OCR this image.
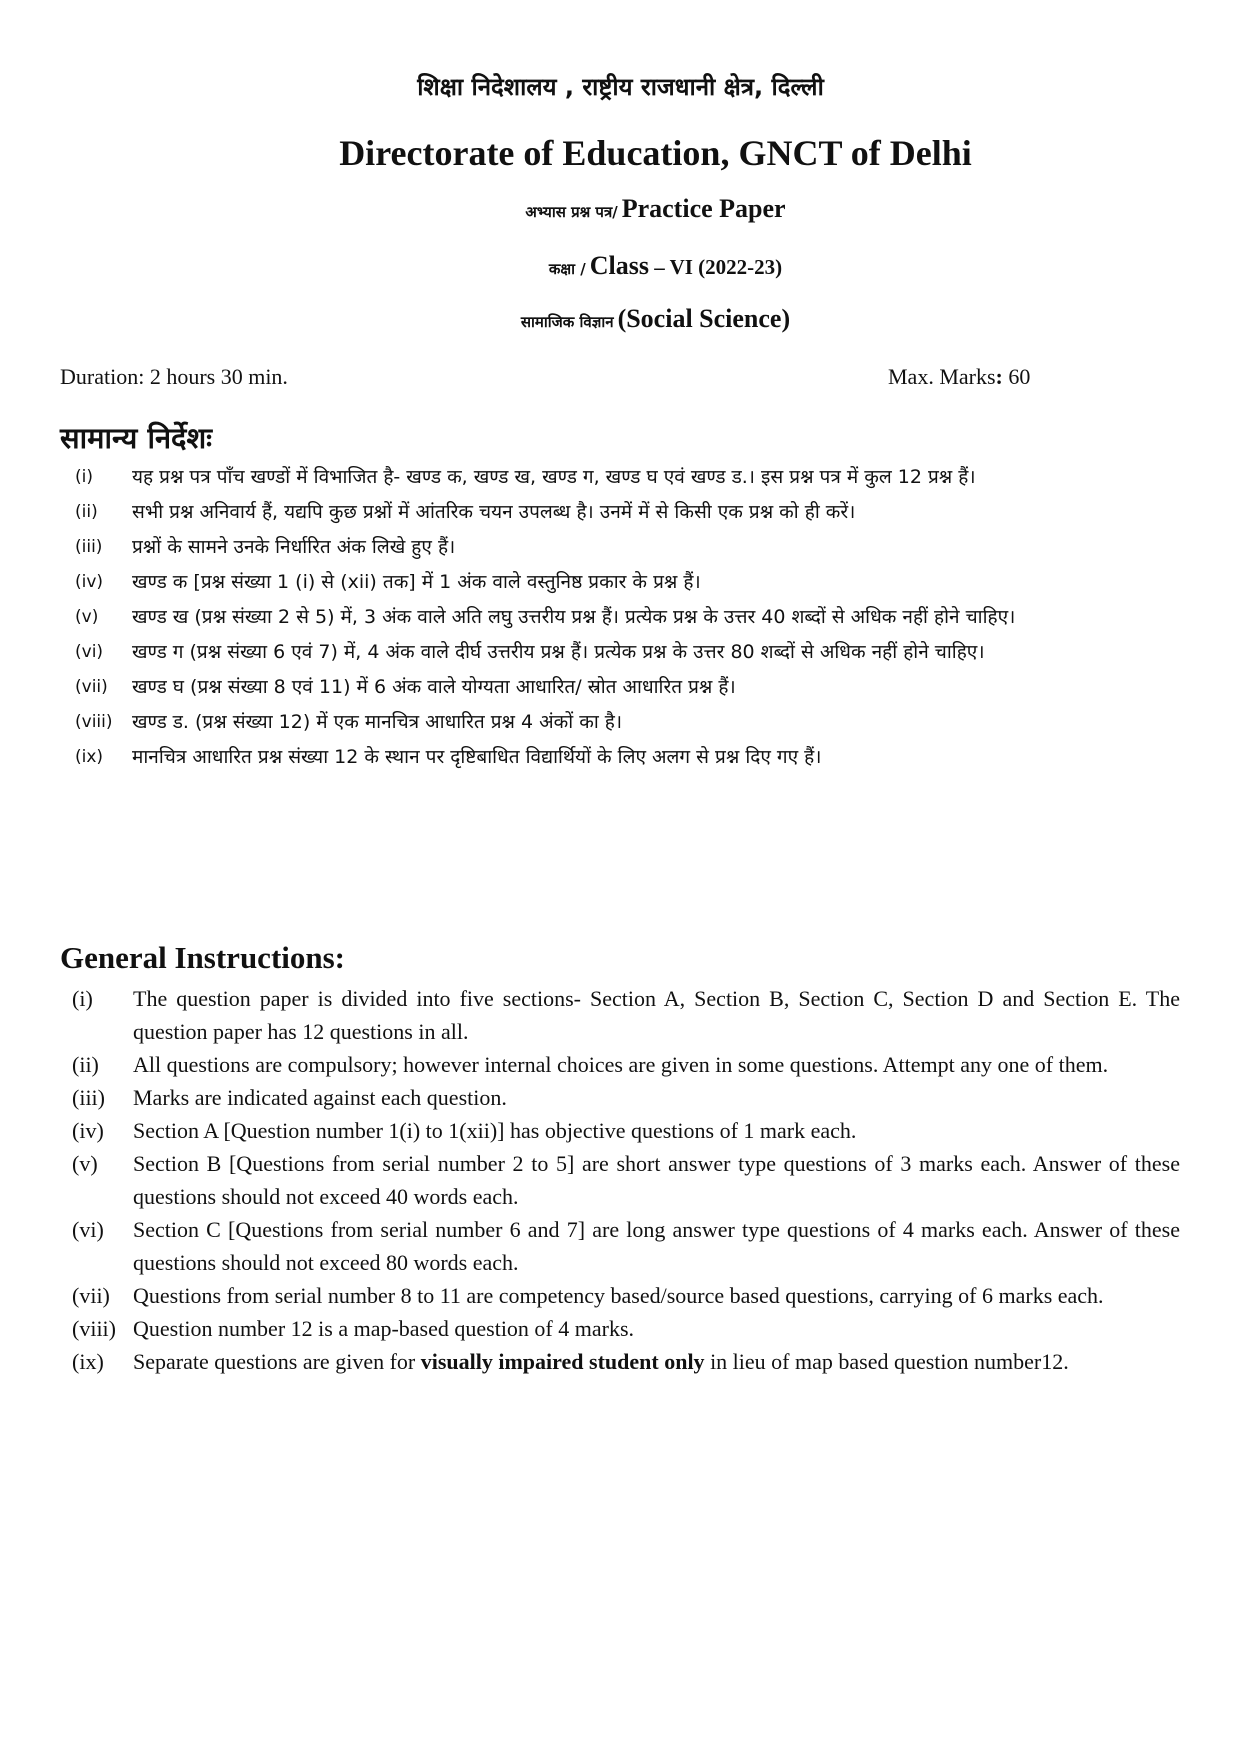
शिक्षा निदेशालय , राष्ट्रीय राजधानी क्षेत्र, दिल्ली
Directorate of Education, GNCT of Delhi
अभ्यास प्रश्न पत्र/ Practice Paper
कक्षा / Class – VI (2022-23)
सामाजिक विज्ञान (Social Science)
Duration: 2 hours 30 min.	Max. Marks: 60
सामान्य निर्देशः
(i)	यह प्रश्न पत्र पाँच खण्डों में विभाजित है- खण्ड क, खण्ड ख, खण्ड ग, खण्ड घ एवं खण्ड ड.। इस प्रश्न पत्र में कुल 12 प्रश्न हैं।
(ii)	सभी प्रश्न अनिवार्य हैं, यद्यपि कुछ प्रश्नों में आंतरिक चयन उपलब्ध है। उनमें में से किसी एक प्रश्न को ही करें।
(iii)	प्रश्नों के सामने उनके निर्धारित अंक लिखे हुए हैं।
(iv)	खण्ड क [प्रश्न संख्या 1 (i) से (xii) तक] में 1 अंक वाले वस्तुनिष्ठ प्रकार के प्रश्न हैं।
(v)	खण्ड ख (प्रश्न संख्या 2 से 5) में, 3 अंक वाले अति लघु उत्तरीय प्रश्न हैं। प्रत्येक प्रश्न के उत्तर 40 शब्दों से अधिक नहीं होने चाहिए।
(vi)	खण्ड ग (प्रश्न संख्या 6 एवं 7) में, 4 अंक वाले दीर्घ उत्तरीय प्रश्न हैं। प्रत्येक प्रश्न के उत्तर 80 शब्दों से अधिक नहीं होने चाहिए।
(vii)	खण्ड घ (प्रश्न संख्या 8 एवं 11) में 6 अंक वाले योग्यता आधारित/ स्रोत आधारित प्रश्न हैं।
(viii)	खण्ड ड. (प्रश्न संख्या 12) में एक मानचित्र आधारित प्रश्न 4 अंकों का है।
(ix)	मानचित्र आधारित प्रश्न संख्या 12 के स्थान पर दृष्टिबाधित विद्यार्थियों के लिए अलग से प्रश्न दिए गए हैं।
General Instructions:
(i)	The question paper is divided into five sections- Section A, Section B, Section C, Section D and Section E. The question paper has 12 questions in all.
(ii)	All questions are compulsory; however internal choices are given in some questions. Attempt any one of them.
(iii)	Marks are indicated against each question.
(iv)	Section A [Question number 1(i) to 1(xii)] has objective questions of 1 mark each.
(v)	Section B [Questions from serial number 2 to 5] are short answer type questions of 3 marks each. Answer of these questions should not exceed 40 words each.
(vi)	Section C [Questions from serial number 6 and 7] are long answer type questions of 4 marks each. Answer of these questions should not exceed 80 words each.
(vii)	Questions from serial number 8 to 11 are competency based/source based questions, carrying of 6 marks each.
(viii) Question number 12 is a map-based question of 4 marks.
(ix)	Separate questions are given for visually impaired student only in lieu of map based question number12.
